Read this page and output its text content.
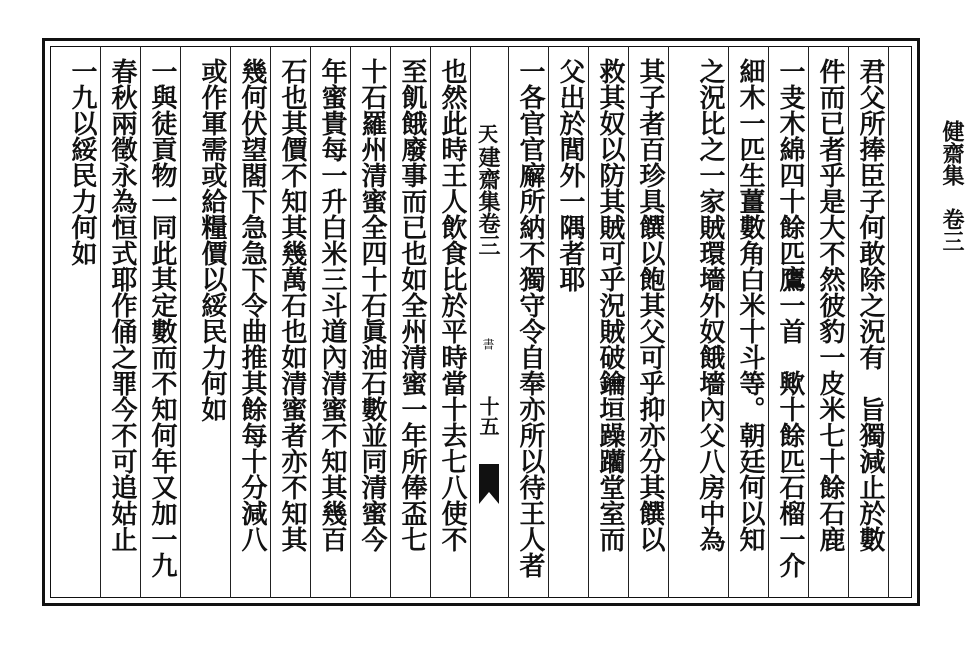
健齋集　卷三
君父所捧臣子何敢除之況有　旨獨減止於數
件而已者乎是大不然彼豹一皮米七十餘石鹿
一叏木綿四十餘匹鷹一首　歟十餘匹石榴一介
細木一匹生薑數角白米十斗等。朝廷何以知
之況比之一家賊環墻外奴餓墻內父八房中為
其子者百珍具饌以飽其父可乎抑亦分其饌以
救其奴以防其賊可乎況賊破鑰垣躁躪堂室而
父出於閭外一隅者耶
一各官官廨所納不獨守令自奉亦所以待王人者
天
建齋集卷三
書
十五
也然此時王人飲食比於平時當十去七八使不
至飢餓廢事而已也如全州清蜜一年所俸盃七
十石羅州清蜜全四十石眞油石數並同清蜜今
年蜜貴每一升白米三斗道內清蜜不知其幾百
石也其價不知其幾萬石也如清蜜者亦不知其
幾何伏望閤下急急下令曲推其餘每十分減八
或作軍需或給糧價以綏民力何如
一與徒貢物一同此其定數而不知何年又加一九
春秋兩徵永為恒式耶作俑之罪今不可追姑止
一九以綏民力何如
